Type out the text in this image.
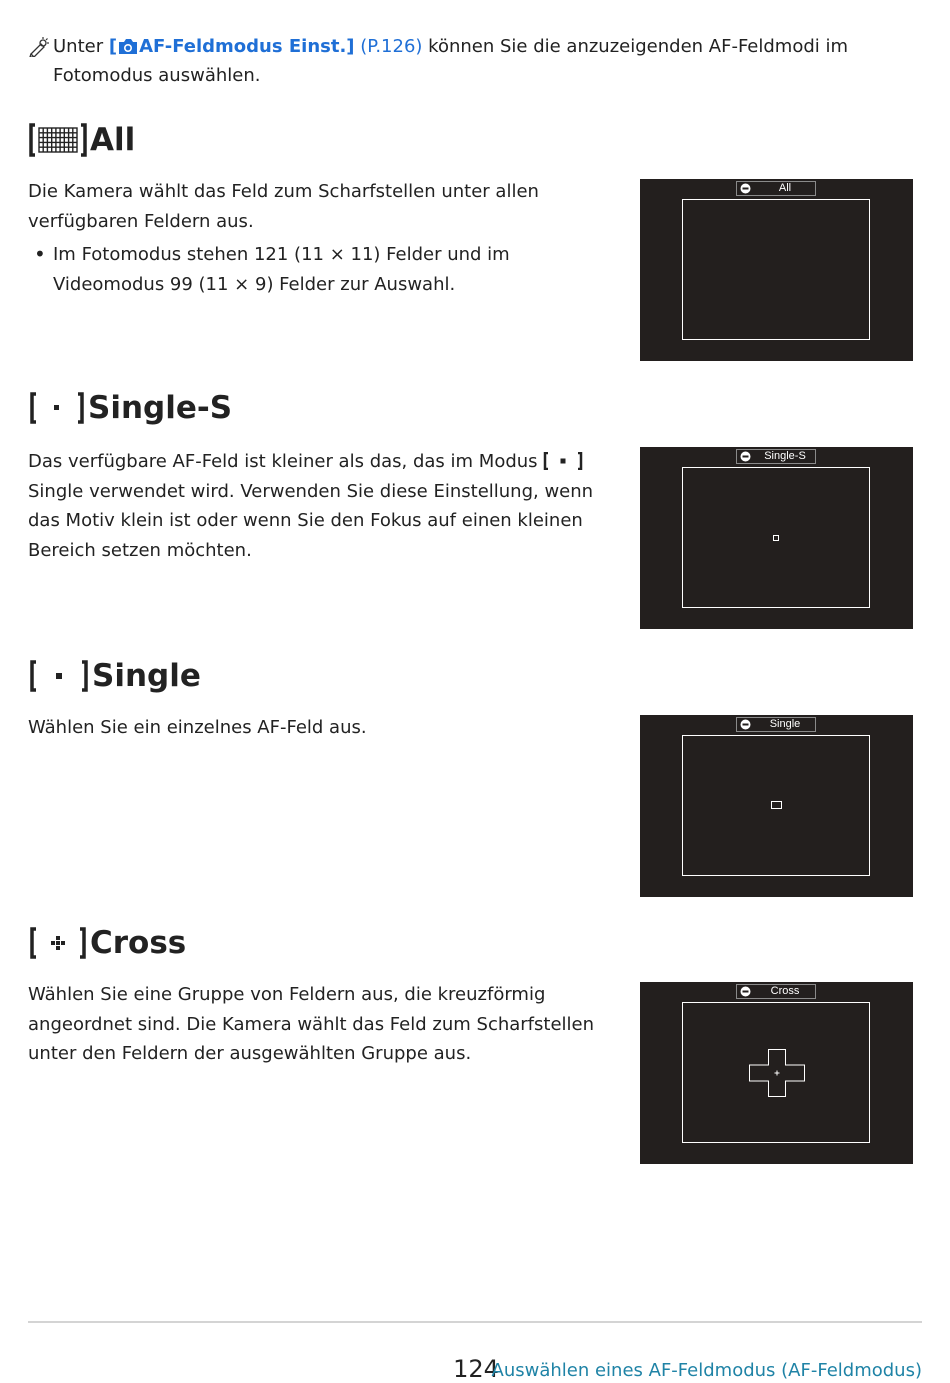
Unter [ AF-Feldmodus Einst.] (P.126) können Sie die anzuzeigenden AF-Feldmodi im Fotomodus auswählen.
All

Die Kamera wählt das Feld zum Scharfstellen unter allen verfügbaren Feldern aus.

• Im Fotomodus stehen 121 (11 × 11) Felder und im Videomodus 99 (11 × 9) Felder zur Auswahl.
All
Single-S

Das verfügbare AF-Feld ist kleiner als das, das im Modus Single verwendet wird. Verwenden Sie diese Einstellung, wenn das Motiv klein ist oder wenn Sie den Fokus auf einen kleinen Bereich setzen möchten.

Single-S
Single

Wählen Sie ein einzelnes AF-Feld aus.	Single
Cross

Wählen Sie eine Gruppe von Feldern aus, die kreuzförmig angeordnet sind. Die Kamera wählt das Feld zum Scharfstellen unter den Feldern der ausgewählten Gruppe aus.

Cross
124
Auswählen eines AF-Feldmodus (AF-Feldmodus)
